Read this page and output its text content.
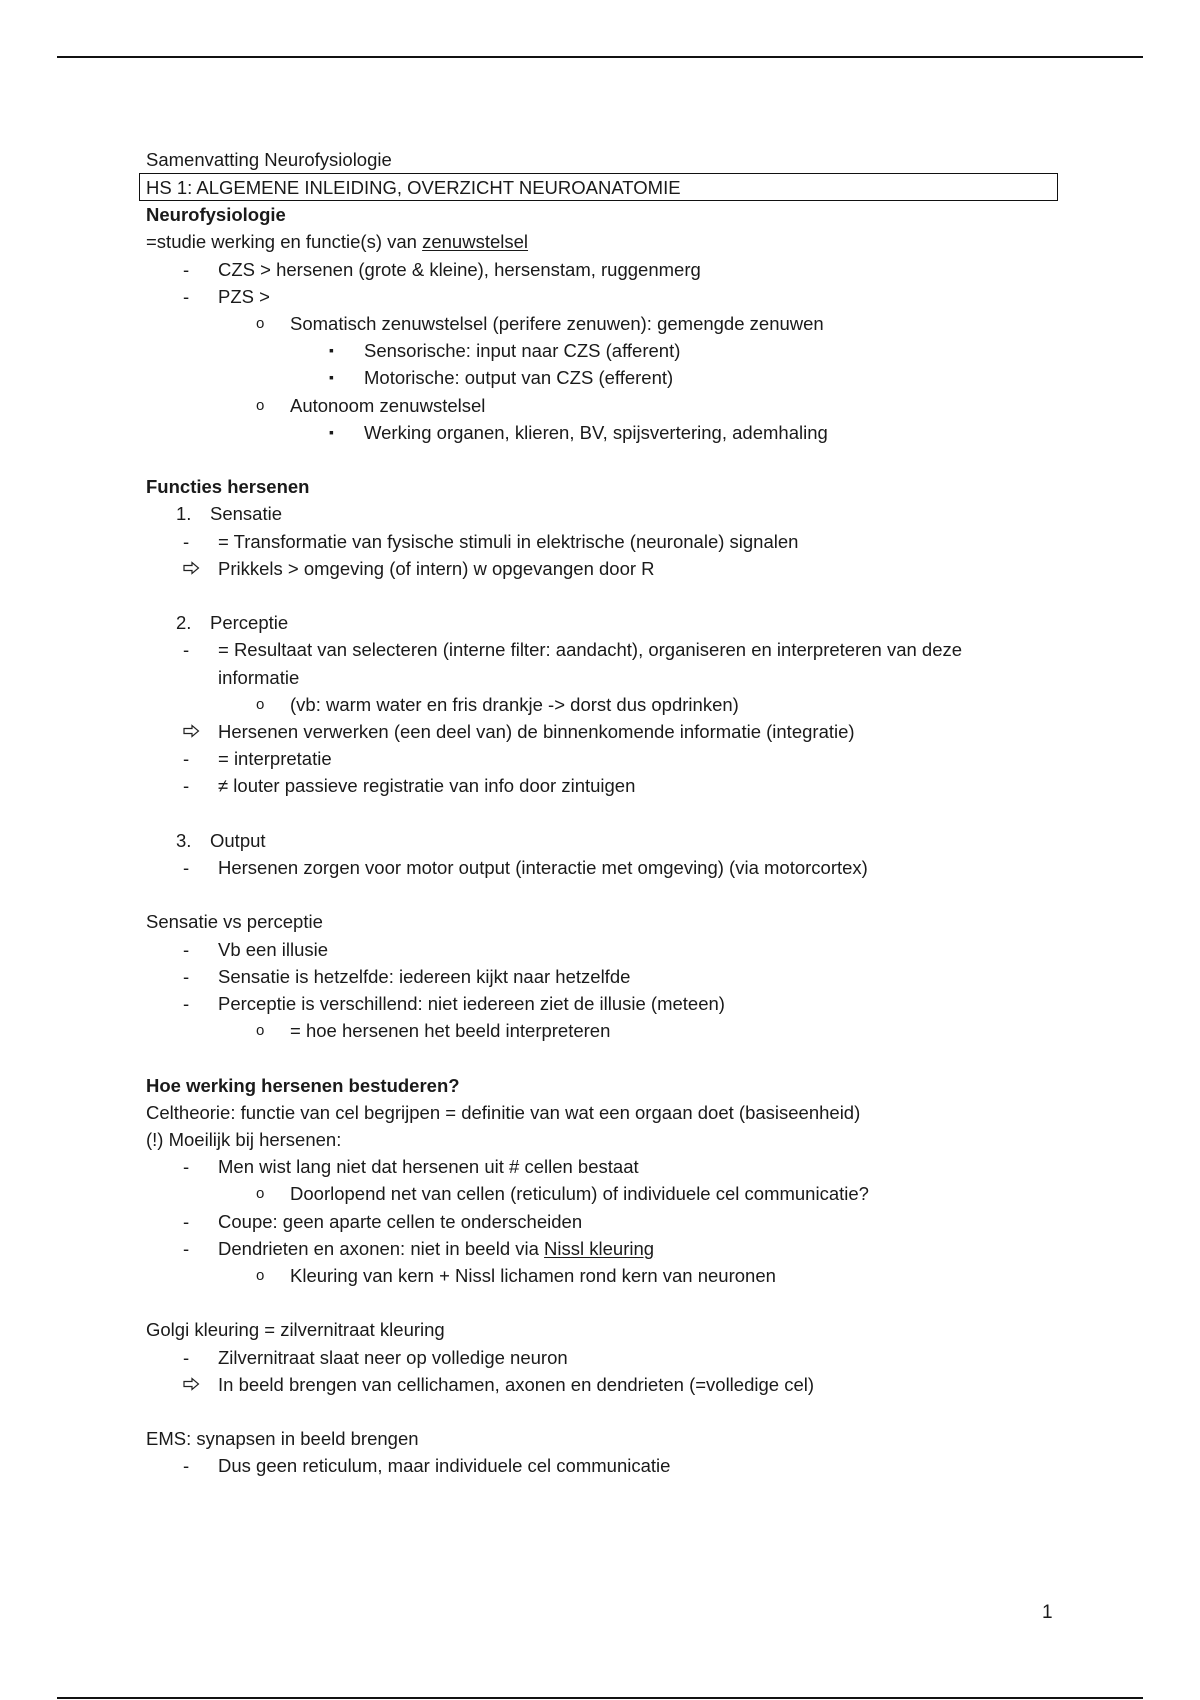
Samenvatting Neurofysiologie
HS 1: ALGEMENE INLEIDING, OVERZICHT NEUROANATOMIE
Neurofysiologie
=studie werking en functie(s) van zenuwstelsel
- CZS > hersenen (grote & kleine), hersenstam, ruggenmerg
- PZS >
o Somatisch zenuwstelsel (perifere zenuwen): gemengde zenuwen
▪ Sensorische: input naar CZS (afferent)
▪ Motorische: output van CZS (efferent)
o Autonoom zenuwstelsel
▪ Werking organen, klieren, BV, spijsvertering, ademhaling
Functies hersenen
1. Sensatie
- = Transformatie van fysische stimuli in elektrische (neuronale) signalen
Prikkels > omgeving (of intern) w opgevangen door R
2. Perceptie
- = Resultaat van selecteren (interne filter: aandacht), organiseren en interpreteren van deze informatie
o (vb: warm water en fris drankje -> dorst dus opdrinken)
Hersenen verwerken (een deel van) de binnenkomende informatie (integratie)
- = interpretatie
- ≠ louter passieve registratie van info door zintuigen
3. Output
- Hersenen zorgen voor motor output (interactie met omgeving) (via motorcortex)
Sensatie vs perceptie
- Vb een illusie
- Sensatie is hetzelfde: iedereen kijkt naar hetzelfde
- Perceptie is verschillend: niet iedereen ziet de illusie (meteen)
o = hoe hersenen het beeld interpreteren
Hoe werking hersenen bestuderen?
Celtheorie: functie van cel begrijpen = definitie van wat een orgaan doet (basiseenheid)
(!) Moeilijk bij hersenen:
- Men wist lang niet dat hersenen uit # cellen bestaat
o Doorlopend net van cellen (reticulum) of individuele cel communicatie?
- Coupe: geen aparte cellen te onderscheiden
- Dendrieten en axonen: niet in beeld via Nissl kleuring
o Kleuring van kern + Nissl lichamen rond kern van neuronen
Golgi kleuring = zilvernitraat kleuring
- Zilvernitraat slaat neer op volledige neuron
In beeld brengen van cellichamen, axonen en dendrieten (=volledige cel)
EMS: synapsen in beeld brengen
- Dus geen reticulum, maar individuele cel communicatie
1
